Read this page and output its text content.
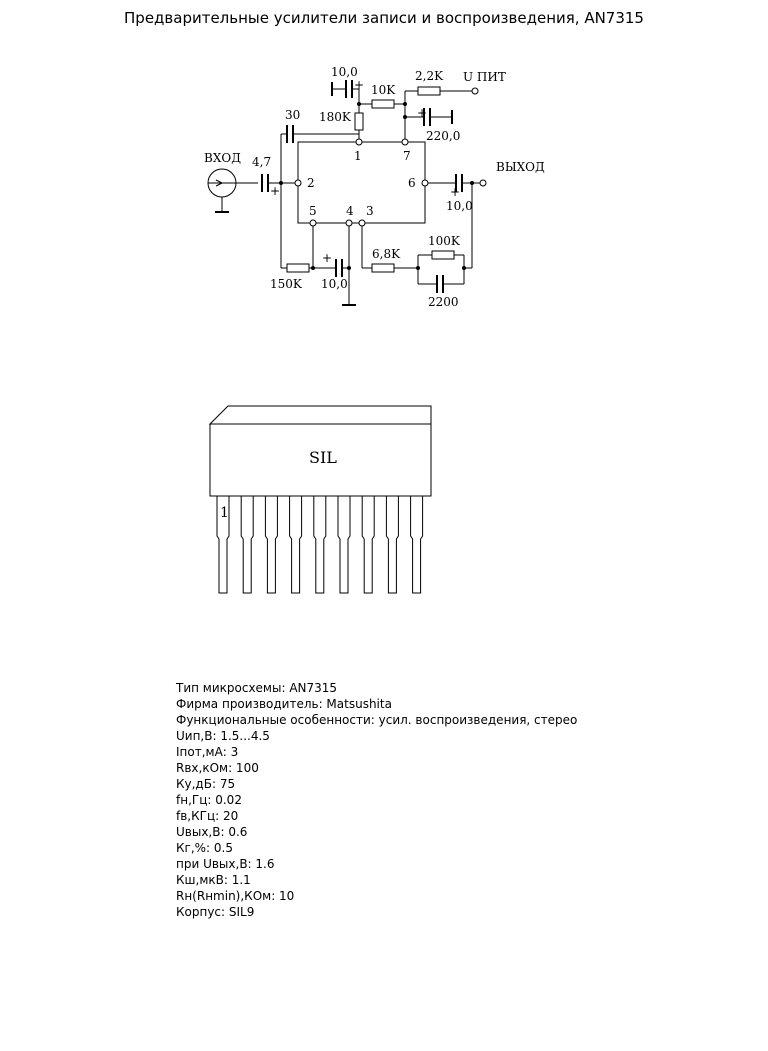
Предварительные усилители записи и воспроизведения, AN7315
ВХОД
ВЫХОД
U ПИТ
4,7
30
10,0
10K
180K
2,2K
220,0
10,0
150K 10,0
6,8K
100K
2200
+
+
+
+
+
1	7
2	6
5 4 3
SIL
1
Тип микросхемы: AN7315
Фирма производитель: Matsushita
Функциональные особенности: усил. воспроизведения, стерео
Uип,В: 1.5...4.5
Iпот,мА: 3
Rвх,кОм: 100
Ку,дБ: 75
fн,Гц: 0.02
fв,КГц: 20
Uвых,В: 0.6
Кг,%: 0.5
при Uвых,В: 1.6
Кш,мкВ: 1.1
Rн(Rнmin),КОм: 10
Корпус: SIL9
